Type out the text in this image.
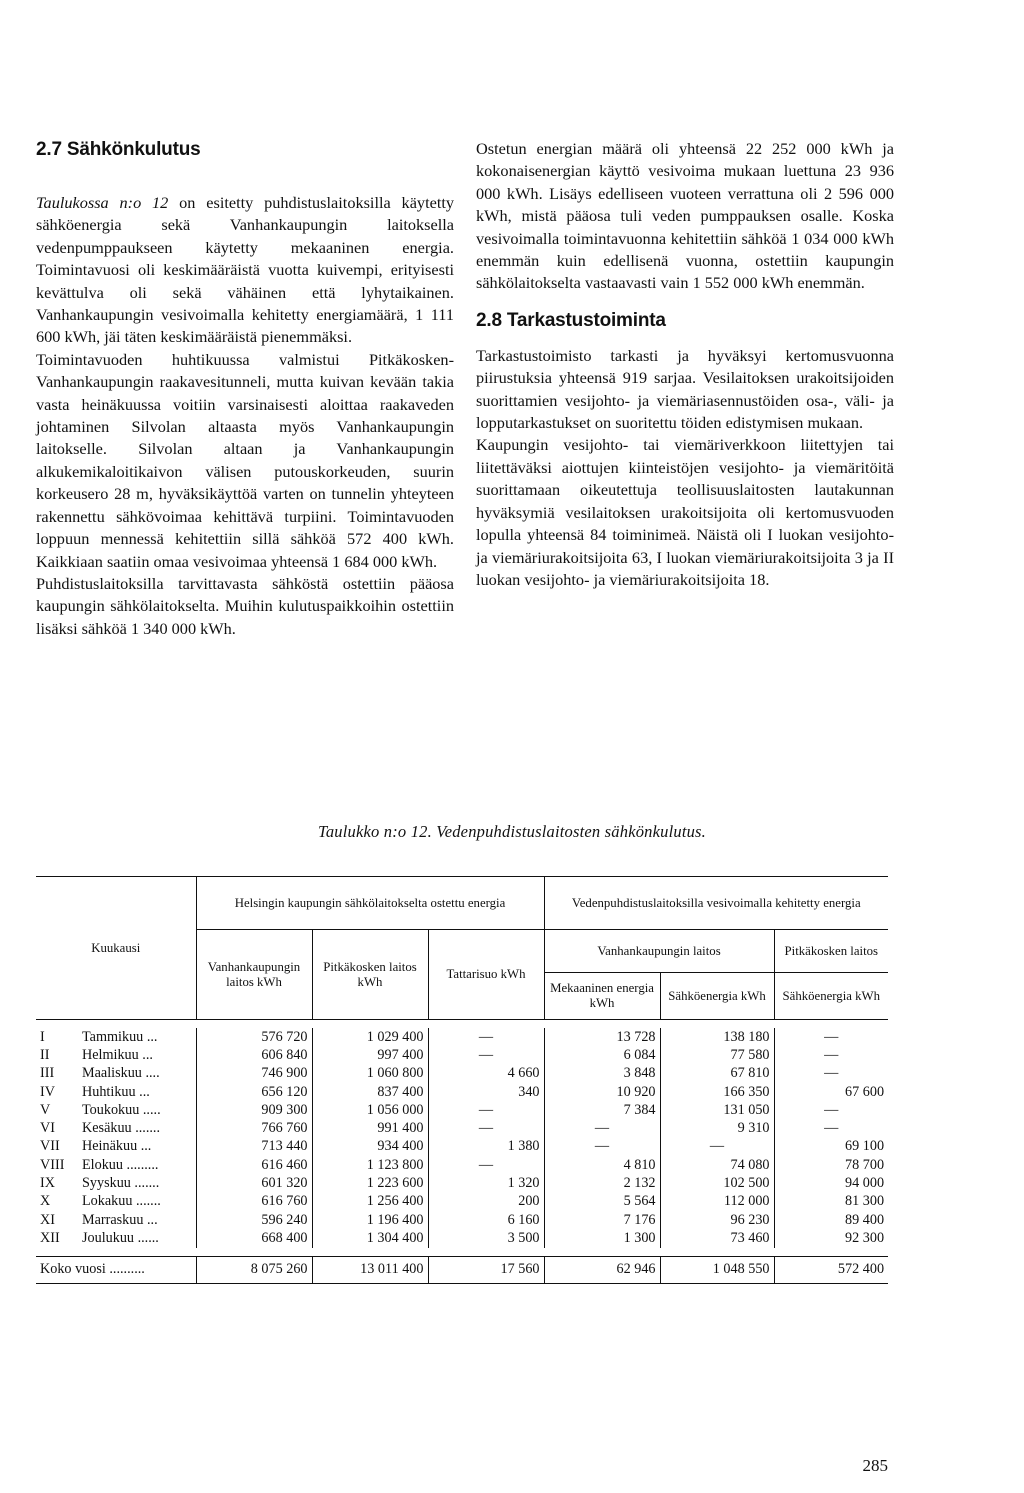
2.7 Sähkönkulutus

Taulukossa n:o 12 on esitetty puhdistuslaitoksilla käytetty sähköenergia sekä Vanhankaupungin laitoksella vedenpumppaukseen käytetty mekaaninen energia. Toimintavuosi oli keskimääräistä vuotta kuivempi, erityisesti kevättulva oli sekä vähäinen että lyhytaikainen. Vanhankaupungin vesivoimalla kehitetty energiamäärä, 1 111 600 kWh, jäi täten keskimääräistä pienemmäksi.

Toimintavuoden huhtikuussa valmistui Pitkäkosken-Vanhankaupungin raakavesitunneli, mutta kuivan kevään takia vasta heinäkuussa voitiin varsinaisesti aloittaa raakaveden johtaminen Silvolan altaasta myös Vanhankaupungin laitokselle. Silvolan altaan ja Vanhankaupungin alkukemikaloitikaivon välisen putouskorkeuden, suurin korkeusero 28 m, hyväksikäyttöä varten on tunnelin yhteyteen rakennettu sähkövoimaa kehittävä turpiini. Toimintavuoden loppuun mennessä kehitettiin sillä sähköä 572 400 kWh. Kaikkiaan saatiin omaa vesivoimaa yhteensä 1 684 000 kWh.

Puhdistuslaitoksilla tarvittavasta sähköstä ostettiin pääosa kaupungin sähkölaitokselta. Muihin kulutuspaikkoihin ostettiin lisäksi sähköä 1 340 000 kWh.

Ostetun energian määrä oli yhteensä 22 252 000 kWh ja kokonaisenergian käyttö vesivoima mukaan luettuna 23 936 000 kWh. Lisäys edelliseen vuoteen verrattuna oli 2 596 000 kWh, mistä pääosa tuli veden pumppauksen osalle. Koska vesivoimalla toimintavuonna kehitettiin sähköä 1 034 000 kWh enemmän kuin edellisenä vuonna, ostettiin kaupungin sähkölaitokselta vastaavasti vain 1 552 000 kWh enemmän.

2.8 Tarkastustoiminta

Tarkastustoimisto tarkasti ja hyväksyi kertomusvuonna piirustuksia yhteensä 919 sarjaa. Vesilaitoksen urakoitsijoiden suorittamien vesijohto- ja viemäriasennustöiden osa-, väli- ja lopputarkastukset on suoritettu töiden edistymisen mukaan.

Kaupungin vesijohto- tai viemäriverkkoon liitettyjen tai liitettäväksi aiottujen kiinteistöjen vesijohto- ja viemäritöitä suorittamaan oikeutettuja teollisuuslaitosten lautakunnan hyväksymiä vesilaitoksen urakoitsijoita oli kertomusvuoden lopulla yhteensä 84 toiminimeä. Näistä oli I luokan vesijohto- ja viemäriurakoitsijoita 63, I luokan viemäriurakoitsijoita 3 ja II luokan vesijohto- ja viemäriurakoitsijoita 18.

Taulukko n:o 12. Vedenpuhdistuslaitosten sähkönkulutus.
Kuukausi	Helsingin kaupungin sähkölaitokselta ostettu energia			Vedenpuhdistuslaitoksilla vesivoimalla kehitetty energia		
	Vanhankaupungin laitos kWh	Pitkäkosken laitos kWh	Tattarisuo kWh	Vanhankaupungin laitos		Pitkäkosken laitos
				Mekaaninen energia kWh	Sähköenergia kWh	Sähköenergia kWh

I Tammikuu ...	576 720	1 029 400	—	13 728	138 180	—
II Helmikuu ...	606 840	997 400	—	6 084	77 580	—
III Maaliskuu ....	746 900	1 060 800	4 660	3 848	67 810	—
IV Huhtikuu ...	656 120	837 400	340	10 920	166 350	67 600
V Toukokuu .....	909 300	1 056 000	—	7 384	131 050	—
VI Kesäkuu .......	766 760	991 400	—	—	9 310	—
VII Heinäkuu ...	713 440	934 400	1 380	—	—	69 100
VIII Elokuu .........	616 460	1 123 800	—	4 810	74 080	78 700
IX Syyskuu .......	601 320	1 223 600	1 320	2 132	102 500	94 000
X Lokakuu .......	616 760	1 256 400	200	5 564	112 000	81 300
XI Marraskuu ...	596 240	1 196 400	6 160	7 176	96 230	89 400
XII Joulukuu ......	668 400	1 304 400	3 500	1 300	73 460	92 300

Koko vuosi ..........	8 075 260	13 011 400	17 560	62 946	1 048 550	572 400
285
